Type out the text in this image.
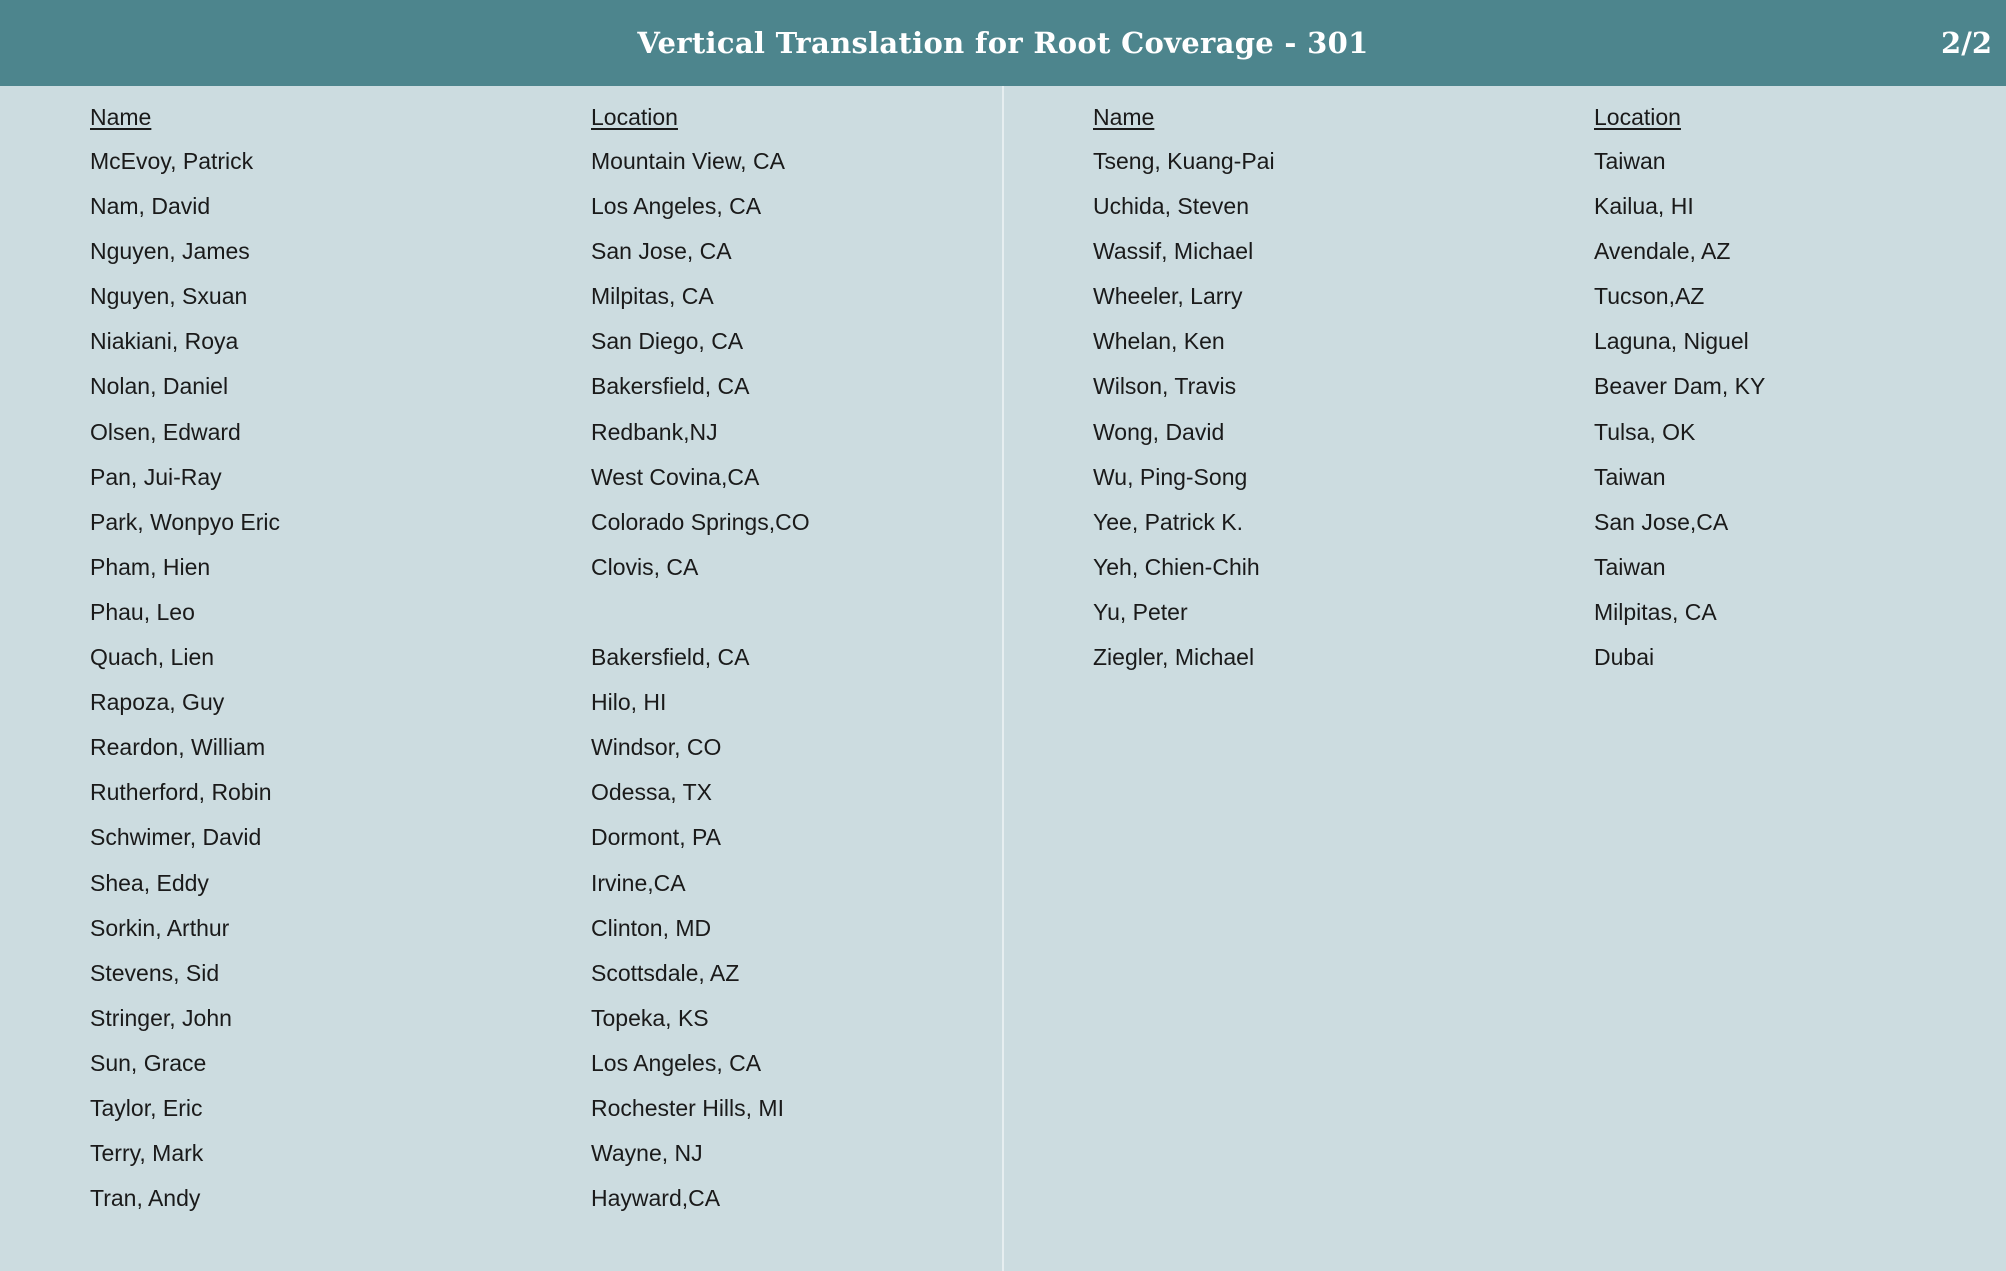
Vertical Translation for Root Coverage - 301	2/2
Name	Location
McEvoy, Patrick	Mountain View, CA
Nam, David	Los Angeles, CA
Nguyen, James	San Jose, CA
Nguyen, Sxuan	Milpitas, CA
Niakiani, Roya	San Diego, CA
Nolan, Daniel	Bakersfield, CA
Olsen, Edward	Redbank,NJ
Pan, Jui-Ray	West Covina,CA
Park, Wonpyo Eric	Colorado Springs,CO
Pham, Hien	Clovis, CA
Phau, Leo
Quach, Lien	Bakersfield, CA
Rapoza, Guy	Hilo, HI
Reardon, William	Windsor, CO
Rutherford, Robin	Odessa, TX
Schwimer, David	Dormont, PA
Shea, Eddy	Irvine,CA
Sorkin, Arthur	Clinton, MD
Stevens, Sid	Scottsdale, AZ
Stringer, John	Topeka, KS
Sun, Grace	Los Angeles, CA
Taylor, Eric	Rochester Hills, MI
Terry, Mark	Wayne, NJ
Tran, Andy	Hayward,CA
Name	Location
Tseng, Kuang-Pai	Taiwan
Uchida, Steven	Kailua, HI
Wassif, Michael	Avendale, AZ
Wheeler, Larry	Tucson,AZ
Whelan, Ken	Laguna, Niguel
Wilson, Travis	Beaver Dam, KY
Wong, David	Tulsa, OK
Wu, Ping-Song	Taiwan
Yee, Patrick K.	San Jose,CA
Yeh, Chien-Chih	Taiwan
Yu, Peter	Milpitas, CA
Ziegler, Michael	Dubai
